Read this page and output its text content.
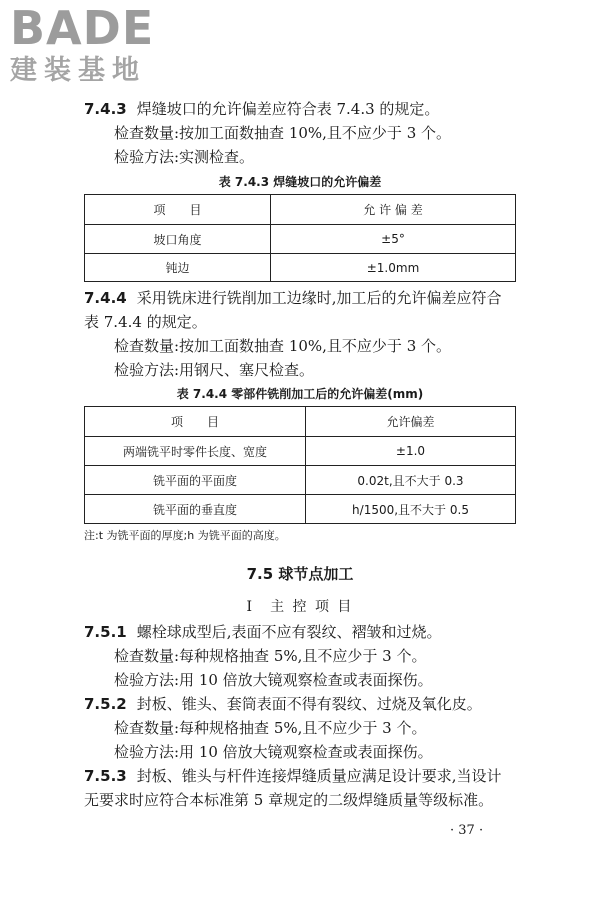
BADE
建装基地
7.4.3 焊缝坡口的允许偏差应符合表 7.4.3 的规定。
检查数量:按加工面数抽查 10%,且不应少于 3 个。
检验方法:实测检查。
表 7.4.3 焊缝坡口的允许偏差
项　　目	允 许 偏 差
坡口角度	±5°
钝边	±1.0mm
7.4.4 采用铣床进行铣削加工边缘时,加工后的允许偏差应符合
表 7.4.4 的规定。
检查数量:按加工面数抽查 10%,且不应少于 3 个。
检验方法:用钢尺、塞尺检查。
表 7.4.4 零部件铣削加工后的允许偏差(mm)
项　　目	允许偏差
两端铣平时零件长度、宽度	±1.0
铣平面的平面度	0.02t,且不大于 0.3
铣平面的垂直度	h/1500,且不大于 0.5
注:t 为铣平面的厚度;h 为铣平面的高度。
7.5 球节点加工
Ⅰ　主 控 项 目
7.5.1 螺栓球成型后,表面不应有裂纹、褶皱和过烧。
检查数量:每种规格抽查 5%,且不应少于 3 个。
检验方法:用 10 倍放大镜观察检查或表面探伤。
7.5.2 封板、锥头、套筒表面不得有裂纹、过烧及氧化皮。
检查数量:每种规格抽查 5%,且不应少于 3 个。
检验方法:用 10 倍放大镜观察检查或表面探伤。
7.5.3 封板、锥头与杆件连接焊缝质量应满足设计要求,当设计
无要求时应符合本标准第 5 章规定的二级焊缝质量等级标准。
· 37 ·
